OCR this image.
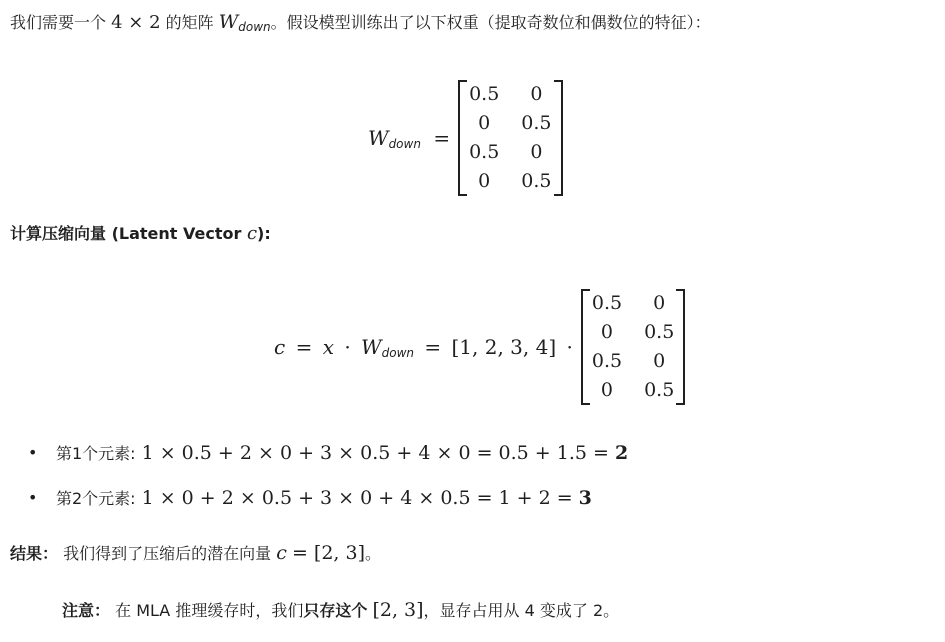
我们需要一个 4 × 2 的矩阵 $W_{down}$。假设模型训练出了以下权重（提取奇数位和偶数位的特征）：
$W_{down}$ =
0.5	0
0	0.5
0.5	0
0	0.5
计算压缩向量 (Latent Vector c):
$c = x \cdot W_{down} = [1$, 2, 3, 4] ·
0.5	0
0	0.5
0.5	0
0	0.5
• 第1个元素: 1 × 0.5 + 2 × 0 + 3 × 0.5 + 4 × 0 = 0.5 + 1.5 = 2
• 第2个元素: 1 × 0 + 2 × 0.5 + 3 × 0 + 4 × 0.5 = 1 + 2 = 3
结果： 我们得到了压缩后的潜在向量 c = [2, 3]。
注意： 在 MLA 推理缓存时，我们只存这个 [2, 3]，显存占用从 4 变成了 2。
